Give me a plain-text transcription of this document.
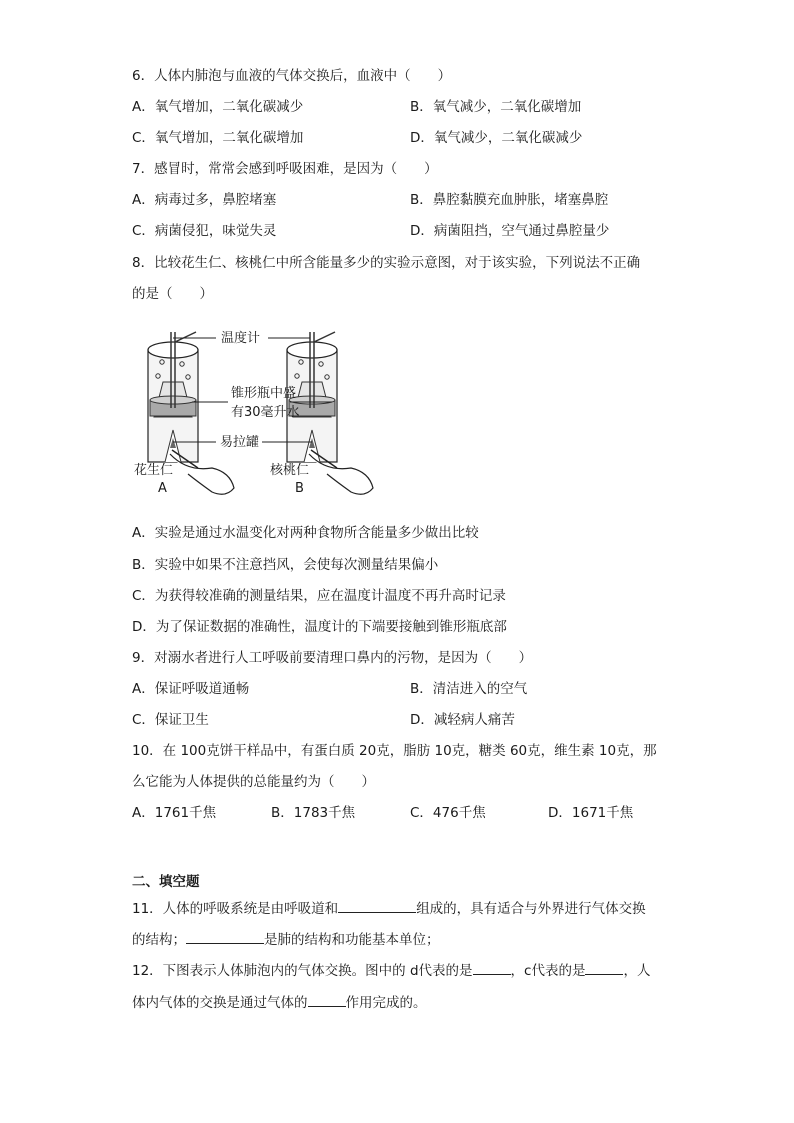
6．人体内肺泡与血液的气体交换后，血液中（　　）
A．氧气增加，二氧化碳减少	B．氧气减少，二氧化碳增加
C．氧气增加，二氧化碳增加	D．氧气减少，二氧化碳减少
7．感冒时，常常会感到呼吸困难，是因为（　　）
A．病毒过多，鼻腔堵塞	B．鼻腔黏膜充血肿胀，堵塞鼻腔
C．病菌侵犯，味觉失灵	D．病菌阻挡，空气通过鼻腔量少
8．比较花生仁、核桃仁中所含能量多少的实验示意图，对于该实验，下列说法不正确
的是（　　）
温度计
锥形瓶中盛
有30毫升水
易拉罐
花生仁
A
核桃仁
B
A．实验是通过水温变化对两种食物所含能量多少做出比较
B．实验中如果不注意挡风，会使每次测量结果偏小
C．为获得较准确的测量结果，应在温度计温度不再升高时记录
D．为了保证数据的准确性，温度计的下端要接触到锥形瓶底部
9．对溺水者进行人工呼吸前要清理口鼻内的污物，是因为（　　）
A．保证呼吸道通畅	B．清洁进入的空气
C．保证卫生	D．减轻病人痛苦
10．在 100克饼干样品中，有蛋白质 20克，脂肪 10克，糖类 60克，维生素 10克，那
么它能为人体提供的总能量约为（　　）
A．1761千焦	B．1783千焦	C．476千焦	D．1671千焦
二、填空题
11．人体的呼吸系统是由呼吸道和	组成的，具有适合与外界进行气体交换
的结构；	是肺的结构和功能基本单位；
12．下图表示人体肺泡内的气体交换。图中的 d代表的是	，c代表的是	，人
体内气体的交换是通过气体的	作用完成的。
